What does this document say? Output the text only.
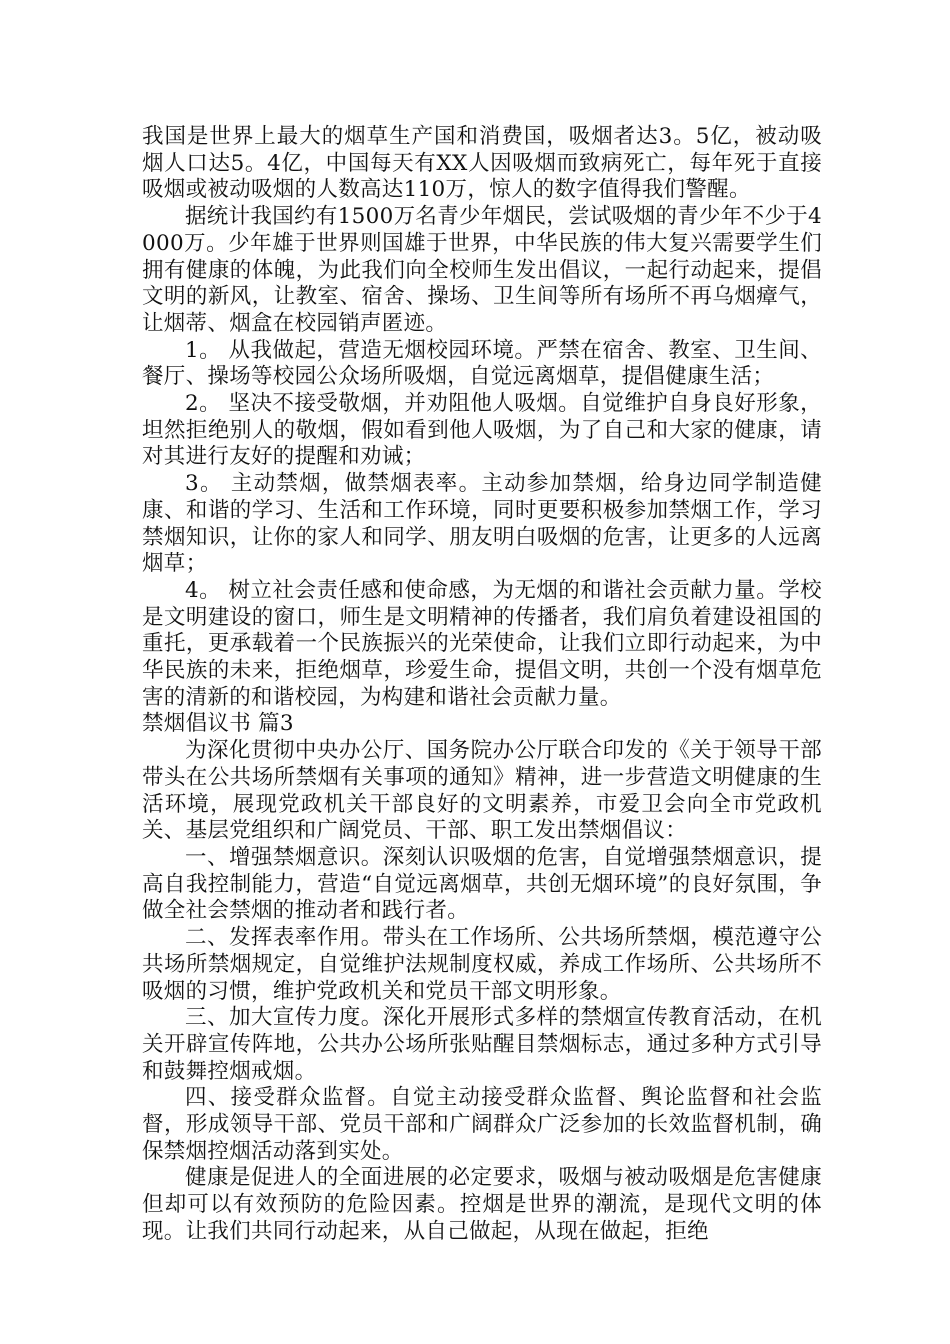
我国是世界上最大的烟草生产国和消费国，吸烟者达3。5亿，被动吸烟人口达5。4亿，中国每天有XX人因吸烟而致病死亡，每年死于直接吸烟或被动吸烟的人数高达110万，惊人的数字值得我们警醒。

据统计我国约有1500万名青少年烟民，尝试吸烟的青少年不少于4000万。少年雄于世界则国雄于世界，中华民族的伟大复兴需要学生们拥有健康的体魄，为此我们向全校师生发出倡议，一起行动起来，提倡文明的新风，让教室、宿舍、操场、卫生间等所有场所不再乌烟瘴气，让烟蒂、烟盒在校园销声匿迹。

1。 从我做起，营造无烟校园环境。严禁在宿舍、教室、卫生间、餐厅、操场等校园公众场所吸烟，自觉远离烟草，提倡健康生活；

2。 坚决不接受敬烟，并劝阻他人吸烟。自觉维护自身良好形象，坦然拒绝别人的敬烟，假如看到他人吸烟，为了自己和大家的健康，请对其进行友好的提醒和劝诫；

3。 主动禁烟，做禁烟表率。主动参加禁烟，给身边同学制造健康、和谐的学习、生活和工作环境，同时更要积极参加禁烟工作，学习禁烟知识，让你的家人和同学、朋友明白吸烟的危害，让更多的人远离烟草；

4。 树立社会责任感和使命感，为无烟的和谐社会贡献力量。学校是文明建设的窗口，师生是文明精神的传播者，我们肩负着建设祖国的重托，更承载着一个民族振兴的光荣使命，让我们立即行动起来，为中华民族的未来，拒绝烟草，珍爱生命，提倡文明，共创一个没有烟草危害的清新的和谐校园，为构建和谐社会贡献力量。

禁烟倡议书 篇3

为深化贯彻中央办公厅、国务院办公厅联合印发的《关于领导干部带头在公共场所禁烟有关事项的通知》精神，进一步营造文明健康的生活环境，展现党政机关干部良好的文明素养，市爱卫会向全市党政机关、基层党组织和广阔党员、干部、职工发出禁烟倡议：

一、增强禁烟意识。深刻认识吸烟的危害，自觉增强禁烟意识，提高自我控制能力，营造“自觉远离烟草，共创无烟环境”的良好氛围，争做全社会禁烟的推动者和践行者。

二、发挥表率作用。带头在工作场所、公共场所禁烟，模范遵守公共场所禁烟规定，自觉维护法规制度权威，养成工作场所、公共场所不吸烟的习惯，维护党政机关和党员干部文明形象。

三、加大宣传力度。深化开展形式多样的禁烟宣传教育活动，在机关开辟宣传阵地，公共办公场所张贴醒目禁烟标志，通过多种方式引导和鼓舞控烟戒烟。

四、接受群众监督。自觉主动接受群众监督、舆论监督和社会监督，形成领导干部、党员干部和广阔群众广泛参加的长效监督机制，确保禁烟控烟活动落到实处。

健康是促进人的全面进展的必定要求，吸烟与被动吸烟是危害健康但却可以有效预防的危险因素。控烟是世界的潮流，是现代文明的体现。让我们共同行动起来，从自己做起，从现在做起，拒绝
